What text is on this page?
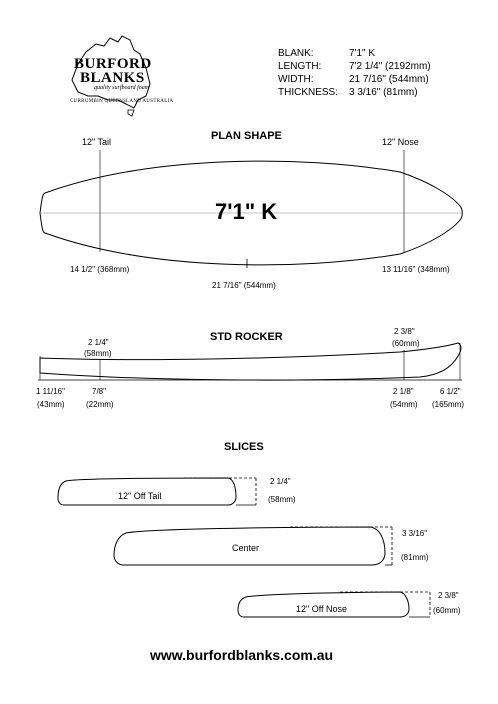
BURFORD
BLANKS
quality surfboard foam
CURRUMBIN QUEENSLAND AUSTRALIA
BLANK:	7'1" K
LENGTH:	7'2 1/4" (2192mm)
WIDTH:	21 7/16" (544mm)
THICKNESS: 3 3/16" (81mm)
PLAN SHAPE
12" Tail	12" Nose
7'1" K
14 1/2" (368mm)
21 7/16" (544mm)
13 11/16" (348mm)
STD ROCKER
2 1/4"
(58mm)
2 3/8"
(60mm)
1 11/16"
(43mm)
7/8"
(22mm)
2 1/8"
(54mm)
6 1/2"
(165mm)
SLICES
12" Off Tail
2 1/4"
(58mm)
Center
3 3/16"
(81mm)
12" Off Nose
2 3/8"
(60mm)
www.burfordblanks.com.au
